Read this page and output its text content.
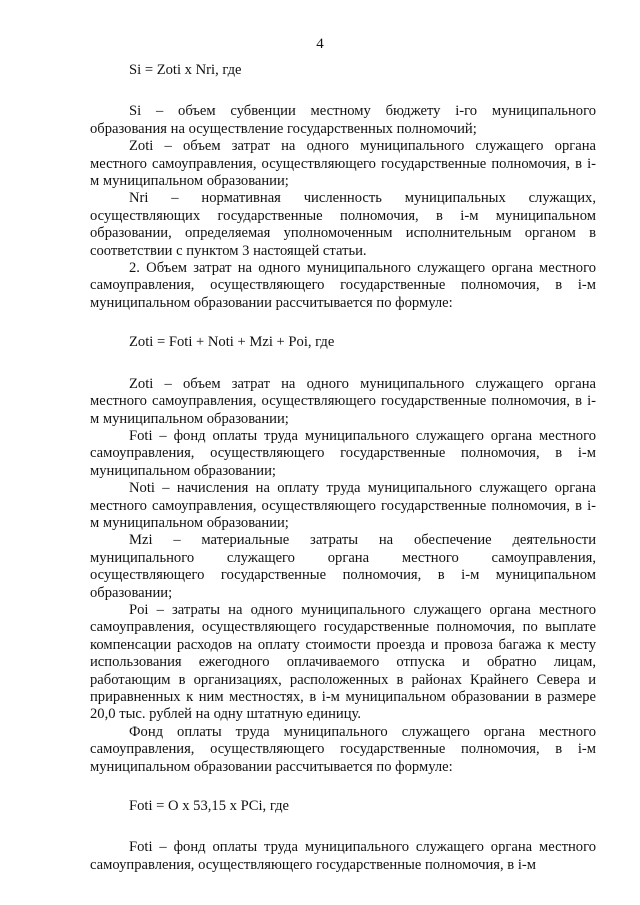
4

Si = Zoti x Nri, где

Si – объем субвенции местному бюджету i-го муниципального образования на осуществление государственных полномочий;

Zoti – объем затрат на одного муниципального служащего органа местного самоуправления, осуществляющего государственные полномочия, в i-м муниципальном образовании;

Nri – нормативная численность муниципальных служащих, осуществляющих государственные полномочия, в i-м муниципальном образовании, определяемая уполномоченным исполнительным органом в соответствии с пунктом 3 настоящей статьи.

2. Объем затрат на одного муниципального служащего органа местного самоуправления, осуществляющего государственные полномочия, в i-м муниципальном образовании рассчитывается по формуле:

Zoti = Foti + Noti + Mzi + Poi, где

Zoti – объем затрат на одного муниципального служащего органа местного самоуправления, осуществляющего государственные полномочия, в i-м муниципальном образовании;

Foti – фонд оплаты труда муниципального служащего органа местного самоуправления, осуществляющего государственные полномочия, в i-м муниципальном образовании;

Noti – начисления на оплату труда муниципального служащего органа местного самоуправления, осуществляющего государственные полномочия, в i-м муниципальном образовании;

Mzi – материальные затраты на обеспечение деятельности муниципального служащего органа местного самоуправления, осуществляющего государственные полномочия, в i-м муниципальном образовании;

Poi – затраты на одного муниципального служащего органа местного самоуправления, осуществляющего государственные полномочия, по выплате компенсации расходов на оплату стоимости проезда и провоза багажа к месту использования ежегодного оплачиваемого отпуска и обратно лицам, работающим в организациях, расположенных в районах Крайнего Севера и приравненных к ним местностях, в i-м муниципальном образовании в размере 20,0 тыс. рублей на одну штатную единицу.

Фонд оплаты труда муниципального служащего органа местного самоуправления, осуществляющего государственные полномочия, в i-м муниципальном образовании рассчитывается по формуле:

Foti = O x 53,15 x PCi, где

Foti – фонд оплаты труда муниципального служащего органа местного самоуправления, осуществляющего государственные полномочия, в i-м
